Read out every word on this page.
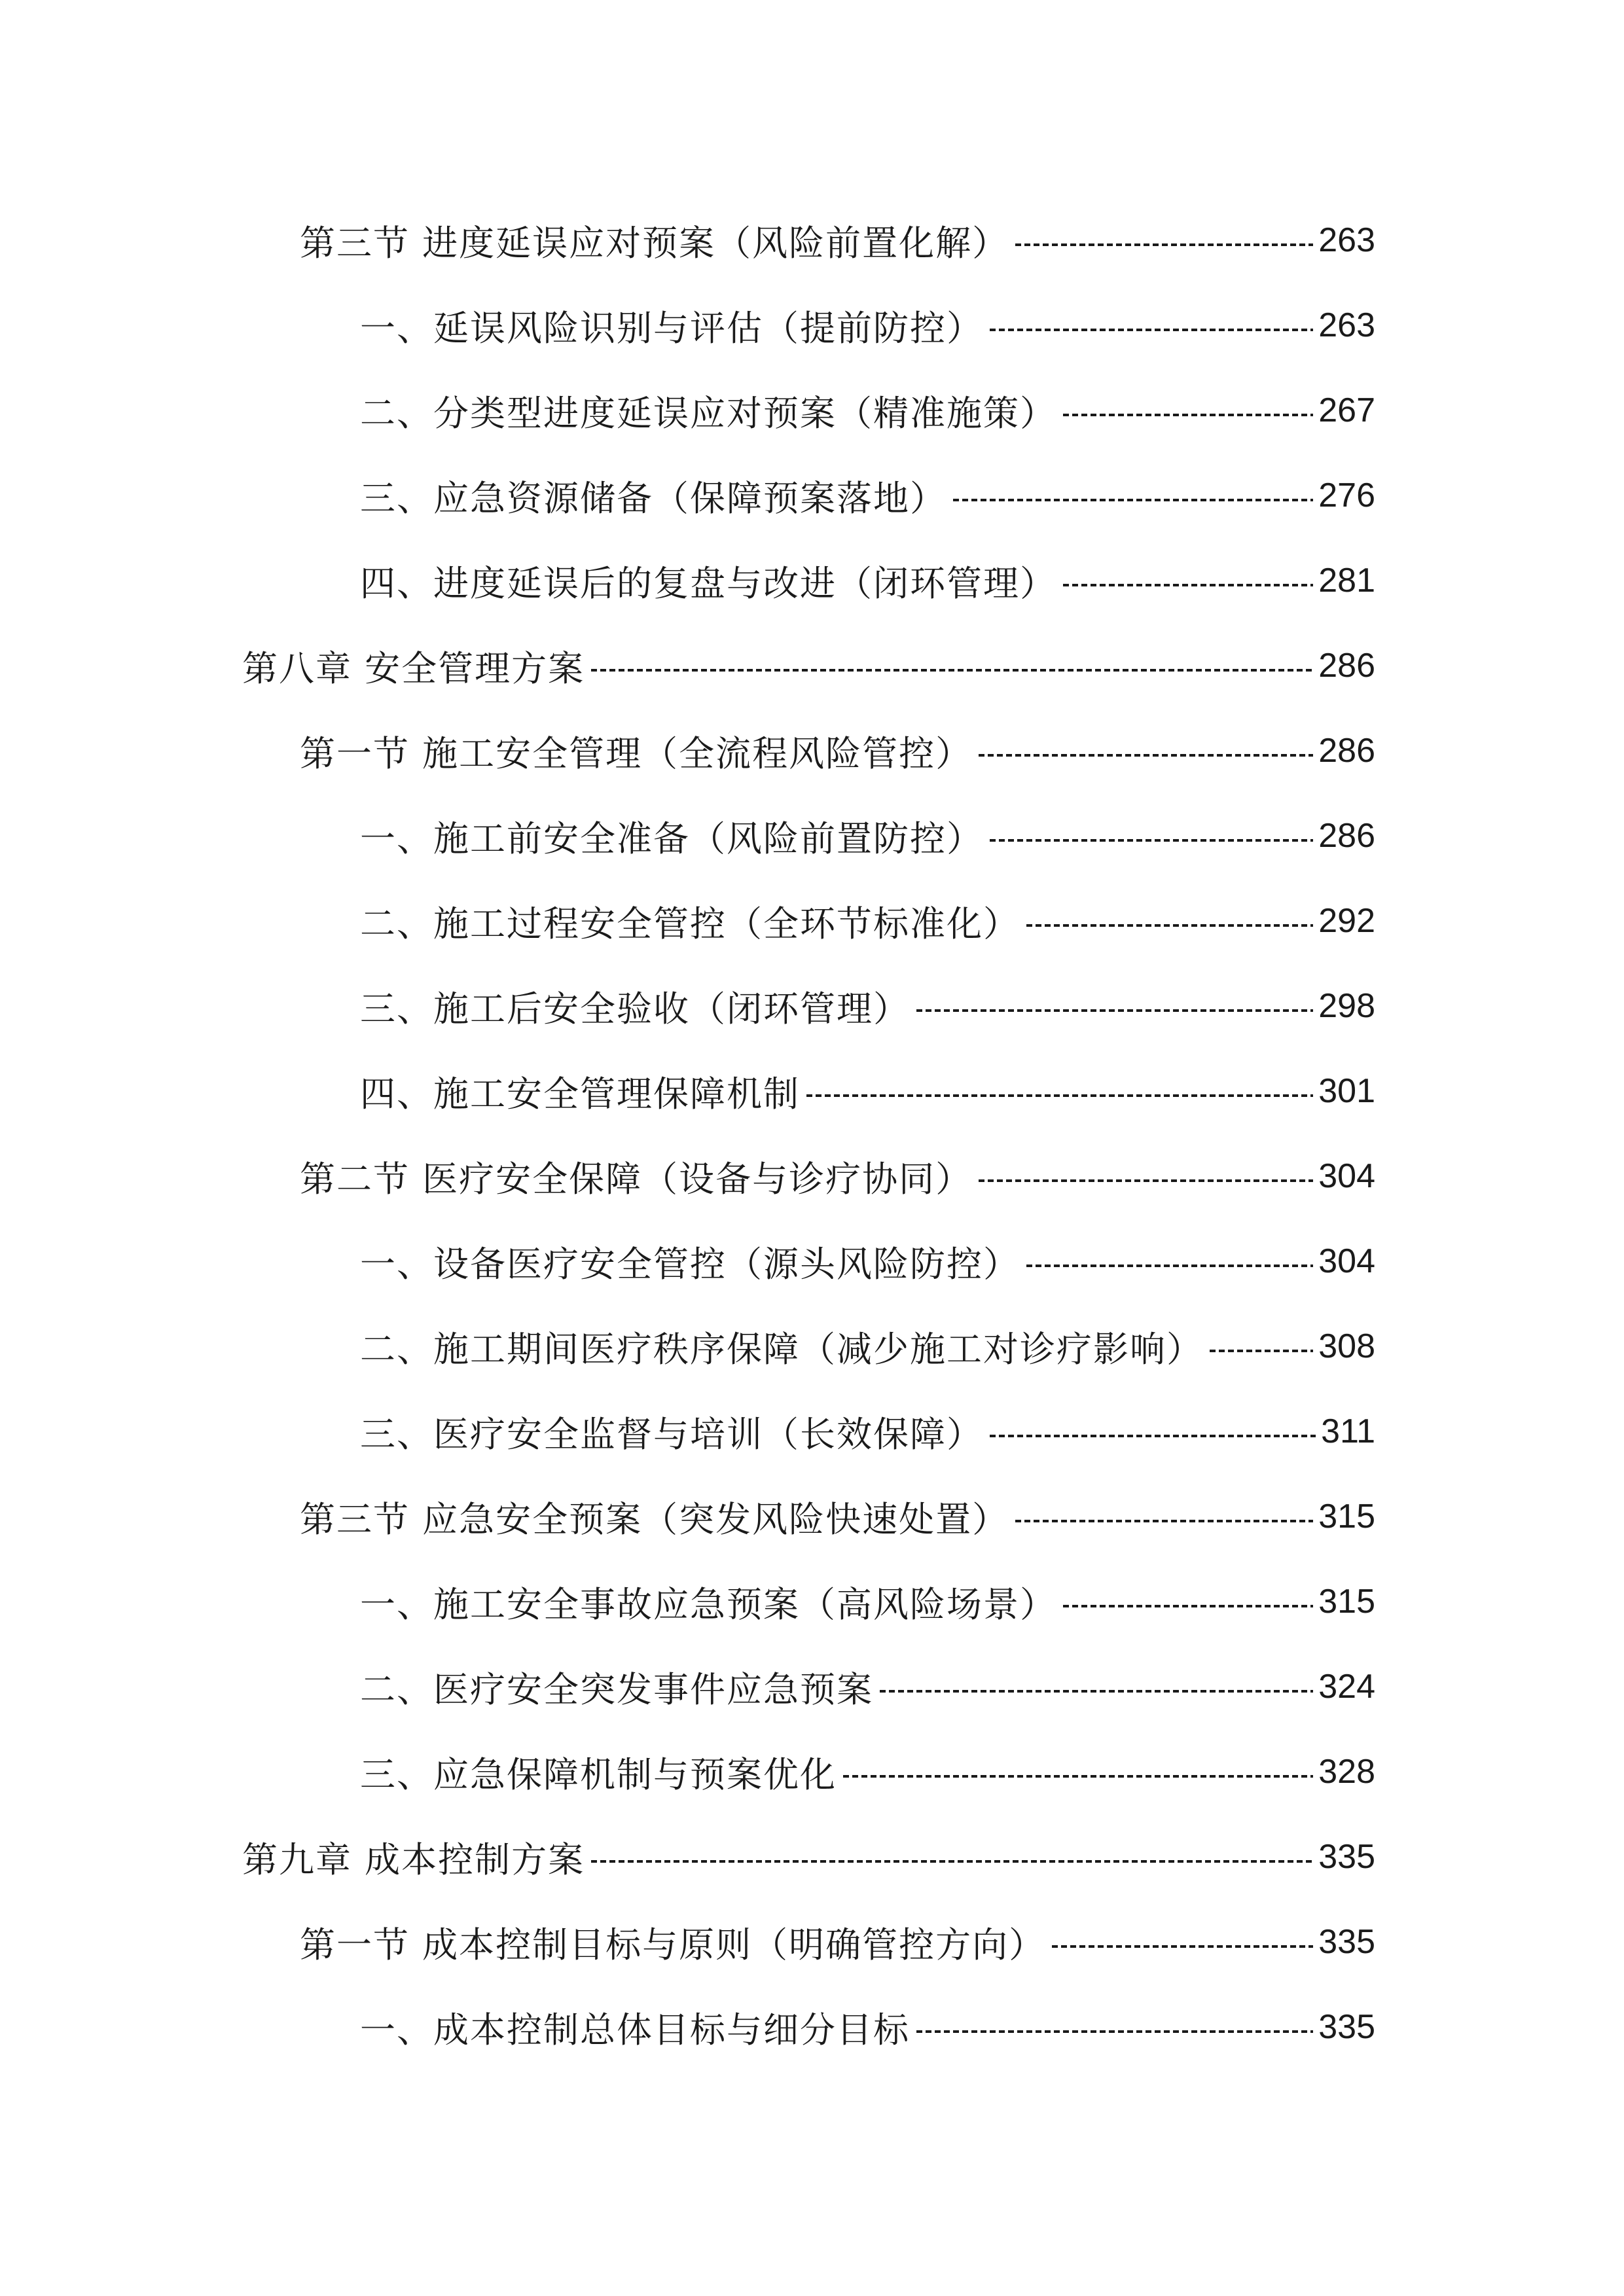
第三节 进度延误应对预案（风险前置化解）	263
一、延误风险识别与评估（提前防控）	263
二、分类型进度延误应对预案（精准施策）	267
三、应急资源储备（保障预案落地）	276
四、进度延误后的复盘与改进（闭环管理）	281
第八章 安全管理方案	286
第一节 施工安全管理（全流程风险管控）	286
一、施工前安全准备（风险前置防控）	286
二、施工过程安全管控（全环节标准化）	292
三、施工后安全验收（闭环管理）	298
四、施工安全管理保障机制	301
第二节 医疗安全保障（设备与诊疗协同）	304
一、设备医疗安全管控（源头风险防控）	304
二、施工期间医疗秩序保障（减少施工对诊疗影响）	308
三、医疗安全监督与培训（长效保障）	311
第三节 应急安全预案（突发风险快速处置）	315
一、施工安全事故应急预案（高风险场景）	315
二、医疗安全突发事件应急预案	324
三、应急保障机制与预案优化	328
第九章 成本控制方案	335
第一节 成本控制目标与原则（明确管控方向）	335
一、成本控制总体目标与细分目标	335
